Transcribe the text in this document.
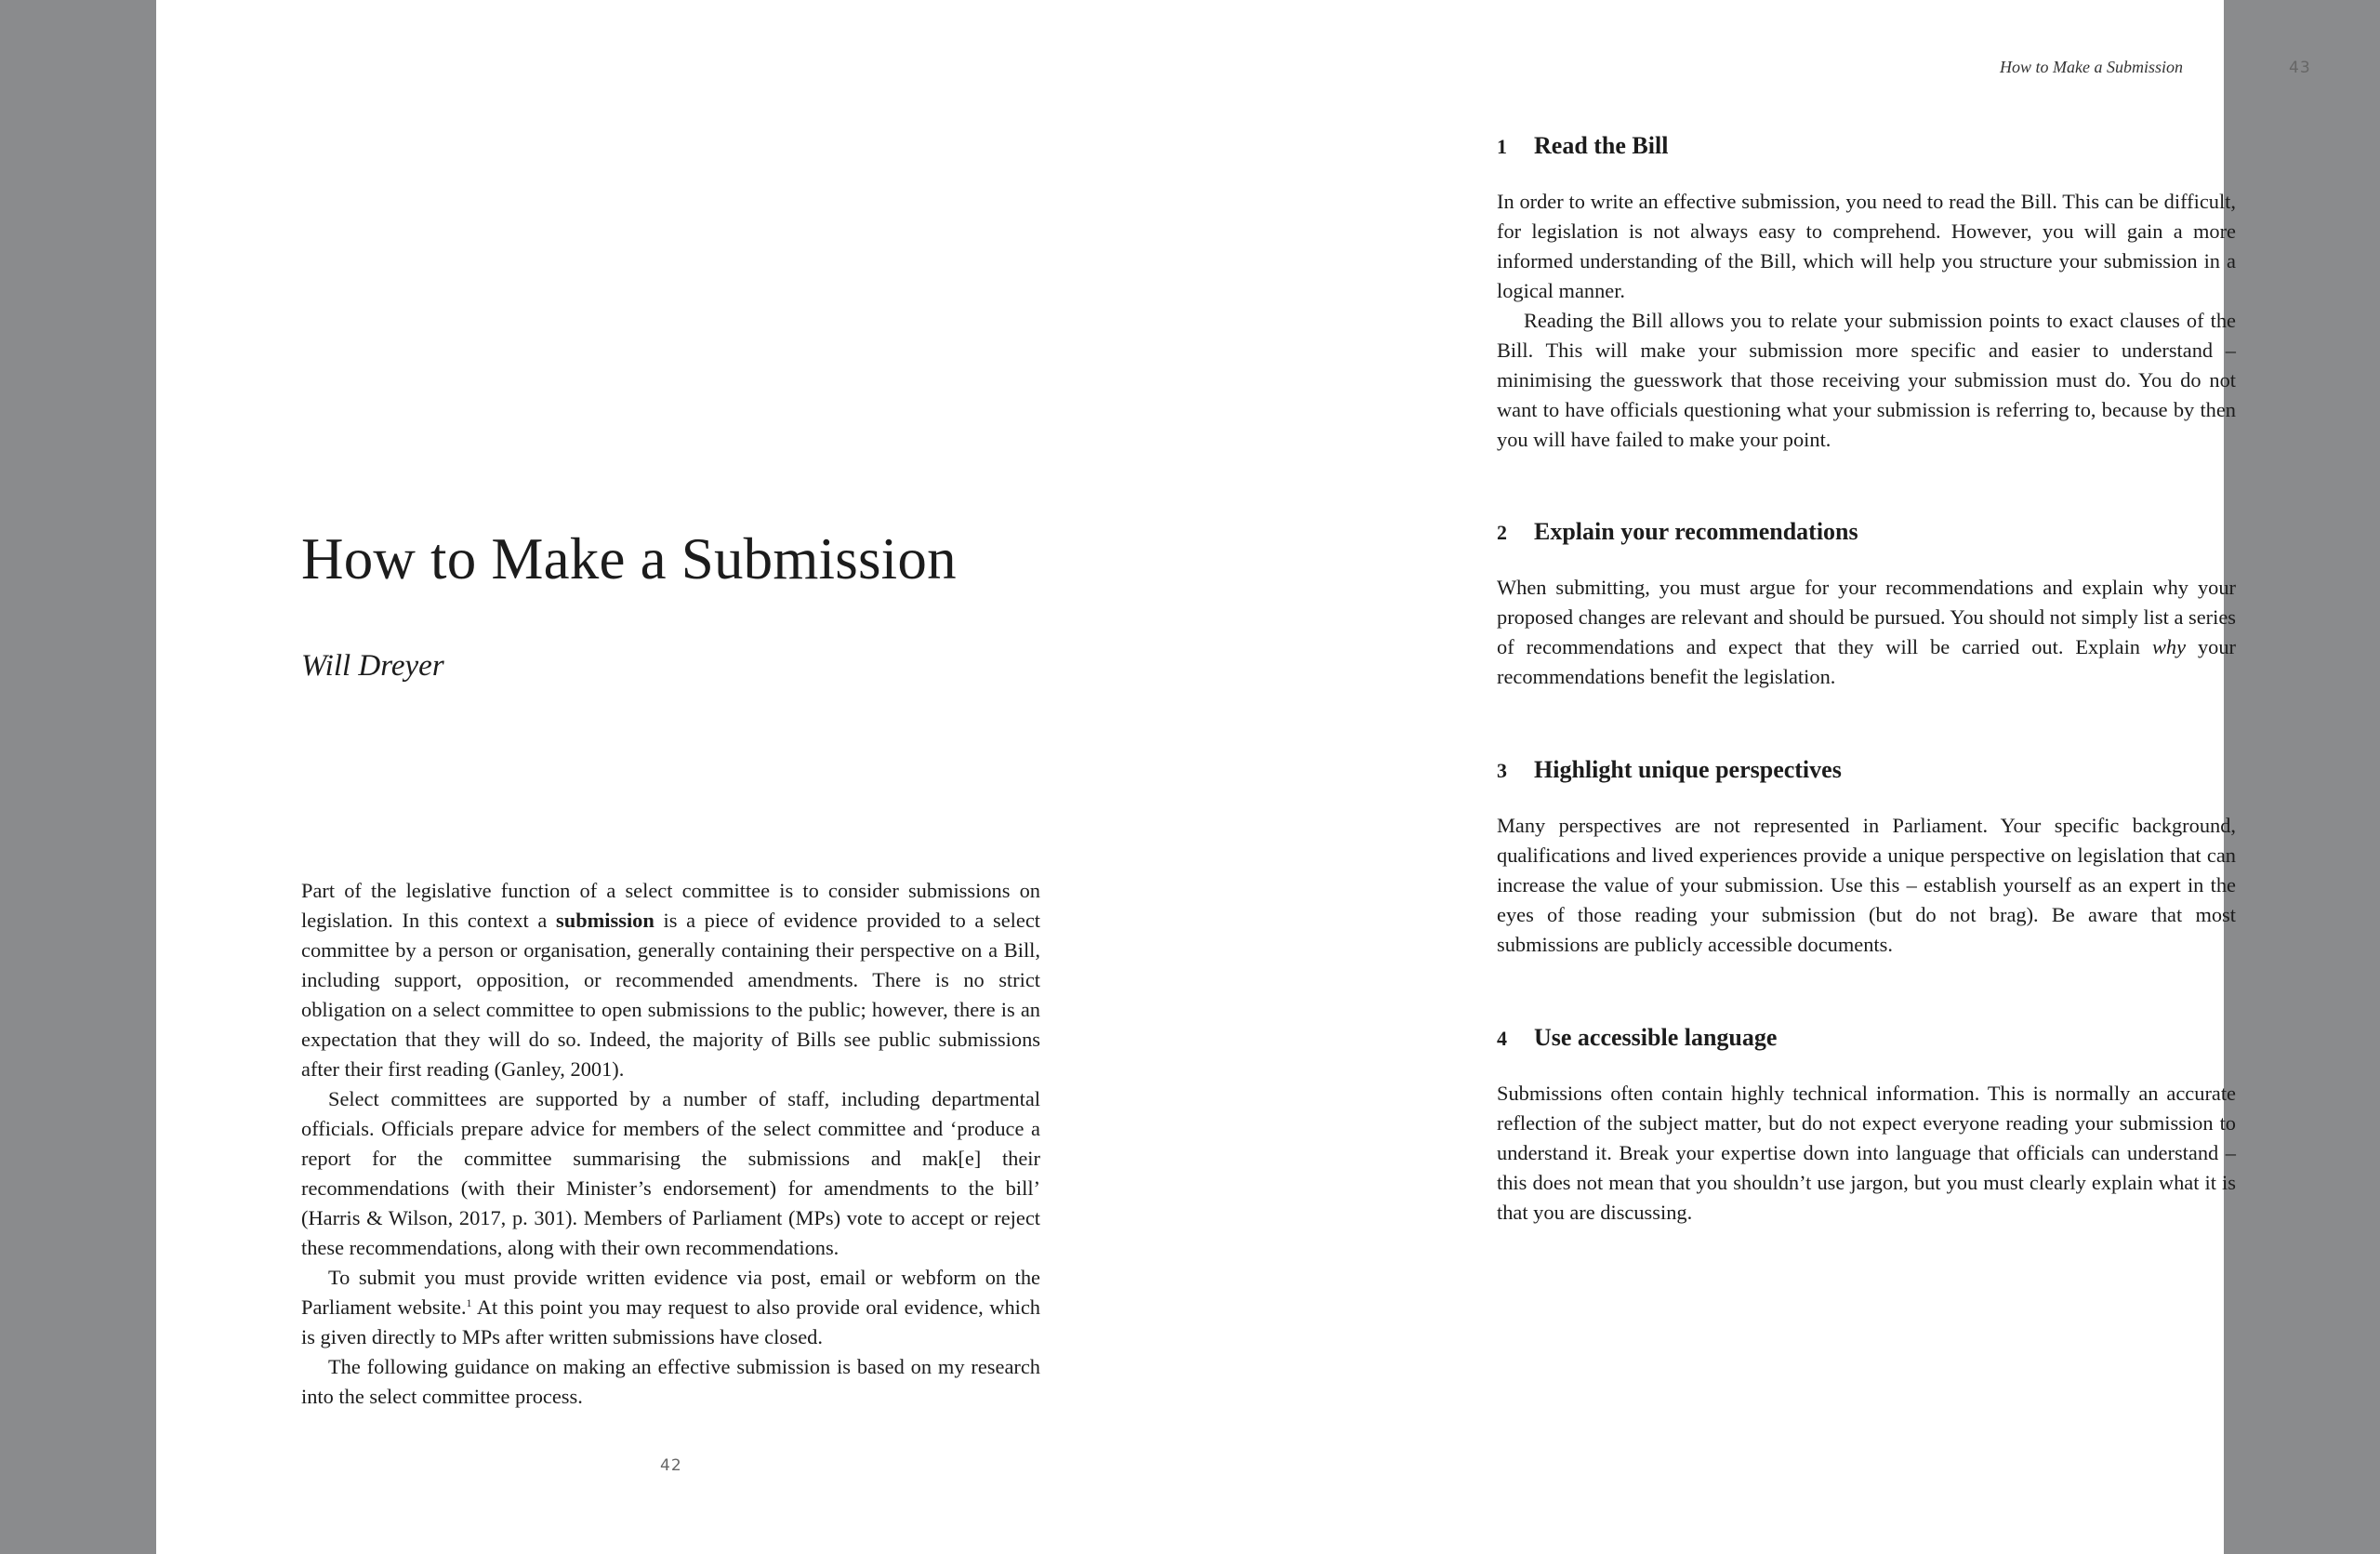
How to Make a Submission
Will Dreyer

Part of the legislative function of a select committee is to consider submissions on legislation. In this context a submission is a piece of evidence provided to a select committee by a person or organisation, generally containing their perspective on a Bill, including support, opposition, or recommended amendments. There is no strict obligation on a select committee to open submissions to the public; however, there is an expectation that they will do so. Indeed, the majority of Bills see public submissions after their first reading (Ganley, 2001).

Select committees are supported by a number of staff, including departmental officials. Officials prepare advice for members of the select committee and ‘produce a report for the committee summarising the submissions and mak[e] their recommendations (with their Minister’s endorsement) for amendments to the bill’ (Harris & Wilson, 2017, p. 301). Members of Parliament (MPs) vote to accept or reject these recommendations, along with their own recommendations.

To submit you must provide written evidence via post, email or webform on the Parliament website.$^1$ At this point you may request to also provide oral evidence, which is given directly to MPs after written submissions have closed.

The following guidance on making an effective submission is based on my research into the select committee process.

How to Make a Submission
1 Read the Bill

In order to write an effective submission, you need to read the Bill. This can be difficult, for legislation is not always easy to comprehend. However, you will gain a more informed understanding of the Bill, which will help you structure your submission in a logical manner.

Reading the Bill allows you to relate your submission points to exact clauses of the Bill. This will make your submission more specific and easier to understand – minimising the guesswork that those receiving your submission must do. You do not want to have officials questioning what your submission is referring to, because by then you will have failed to make your point.

2 Explain your recommendations

When submitting, you must argue for your recommendations and explain why your proposed changes are relevant and should be pursued. You should not simply list a series of recommendations and expect that they will be carried out. Explain why your recommendations benefit the legislation.

3 Highlight unique perspectives

Many perspectives are not represented in Parliament. Your specific background, qualifications and lived experiences provide a unique perspective on legislation that can increase the value of your submission. Use this – establish yourself as an expert in the eyes of those reading your submission (but do not brag). Be aware that most submissions are publicly accessible documents.

4 Use accessible language

Submissions often contain highly technical information. This is normally an accurate reflection of the subject matter, but do not expect everyone reading your submission to understand it. Break your expertise down into language that officials can understand – this does not mean that you shouldn’t use jargon, but you must clearly explain what it is that you are discussing.

42
43
